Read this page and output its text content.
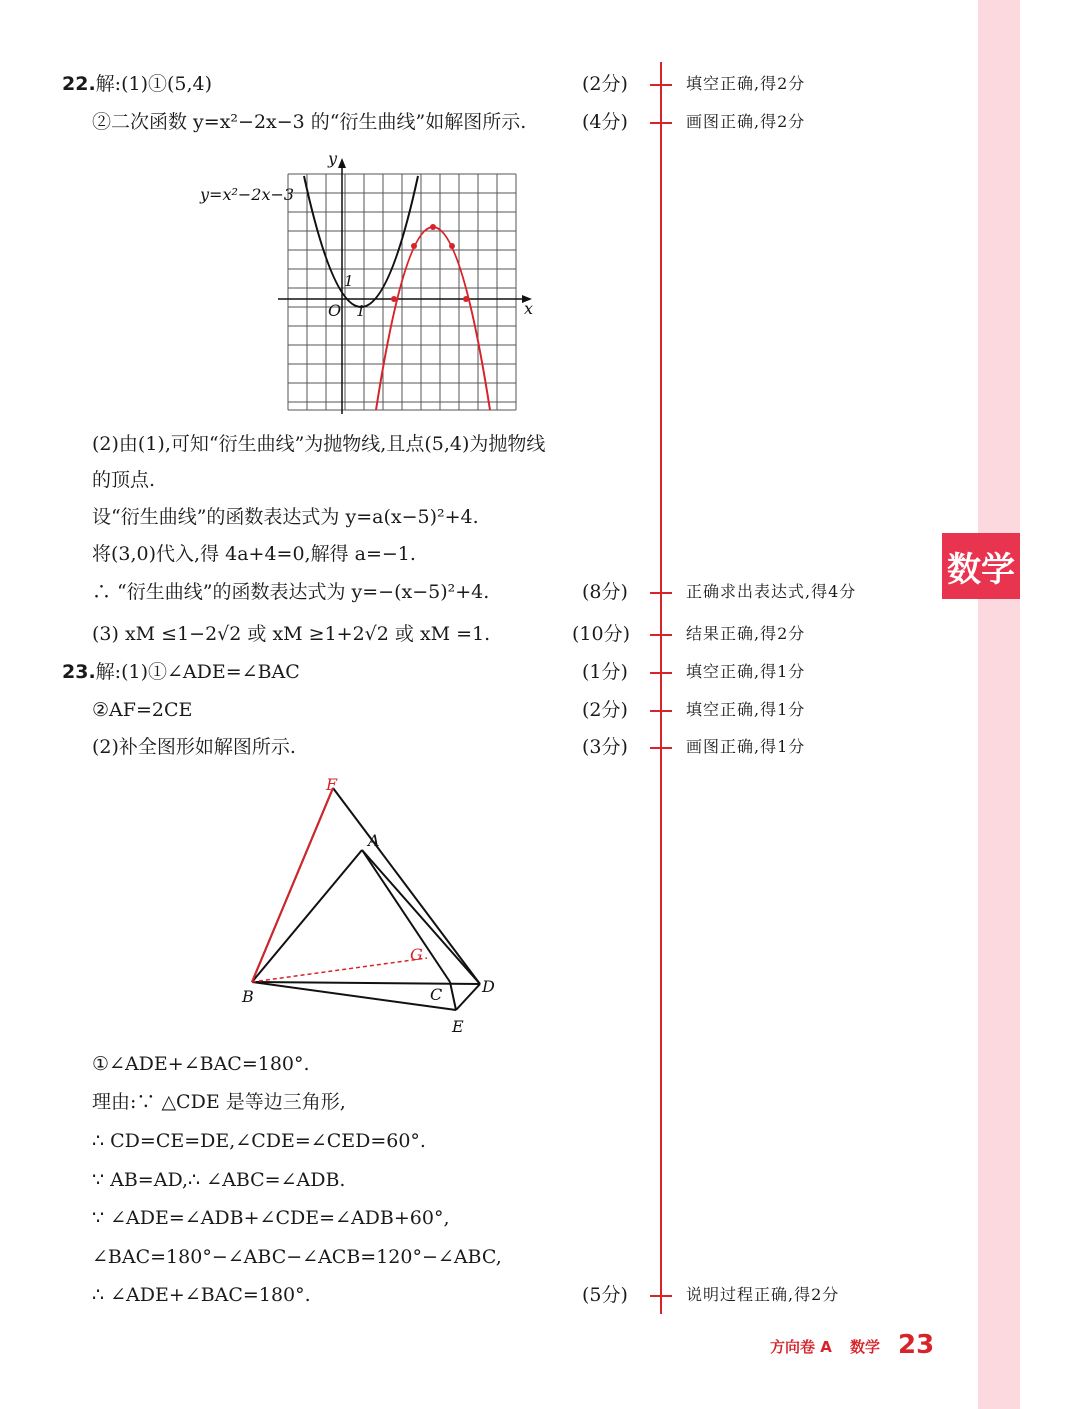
数学
22.解:(1)①(5,4)
②二次函数 y=x²−2x−3 的“衍生曲线”如解图所示.
y=x²−2x−3
y
x
O 1
1
(2)由(1),可知“衍生曲线”为抛物线,且点(5,4)为抛物线
的顶点.
设“衍生曲线”的函数表达式为 y=a(x−5)²+4.
将(3,0)代入,得 4a+4=0,解得 a=−1.
∴ “衍生曲线”的函数表达式为 y=−(x−5)²+4.
(3) xM ≤1−2√2 或 xM ≥1+2√2 或 xM =1.
23.解:(1)①∠ADE=∠BAC
②AF=2CE
(2)补全图形如解图所示.
F
A
G
B	C D
E
①∠ADE+∠BAC=180°.
理由:∵ △CDE 是等边三角形,
∴ CD=CE=DE,∠CDE=∠CED=60°.
∵ AB=AD,∴ ∠ABC=∠ADB.
∵ ∠ADE=∠ADB+∠CDE=∠ADB+60°,
∠BAC=180°−∠ABC−∠ACB=120°−∠ABC,
∴ ∠ADE+∠BAC=180°.
(2分)	填空正确,得2分
(4分)	画图正确,得2分
(8分)	正确求出表达式,得4分
(10分)	结果正确,得2分
(1分)	填空正确,得1分
(2分)	填空正确,得1分
(3分)	画图正确,得1分
(5分)	说明过程正确,得2分
方向卷 A 数学 23
